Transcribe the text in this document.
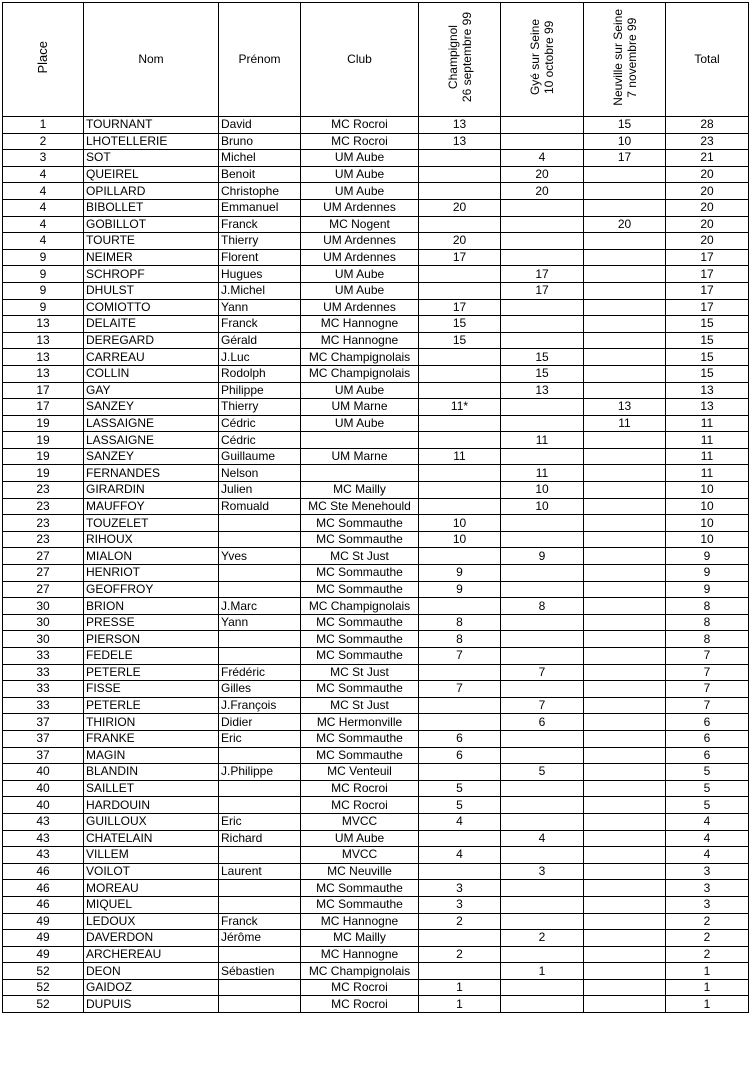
Place	Nom	Prénom	Club	Champignol 26 septembre 99	Gyé sur Seine 10 octobre 99	Neuville sur Seine 7 novembre 99	Total
1	TOURNANT	David	MC Rocroi	13		15	28
2	LHOTELLERIE	Bruno	MC Rocroi	13		10	23
3	SOT	Michel	UM Aube		4	17	21
4	QUEIREL	Benoit	UM Aube		20		20
4	OPILLARD	Christophe	UM Aube		20		20
4	BIBOLLET	Emmanuel	UM Ardennes	20			20
4	GOBILLOT	Franck	MC Nogent			20	20
4	TOURTE	Thierry	UM Ardennes	20			20
9	NEIMER	Florent	UM Ardennes	17			17
9	SCHROPF	Hugues	UM Aube		17		17
9	DHULST	J.Michel	UM Aube		17		17
9	COMIOTTO	Yann	UM Ardennes	17			17
13	DELAITE	Franck	MC Hannogne	15			15
13	DEREGARD	Gérald	MC Hannogne	15			15
13	CARREAU	J.Luc	MC Champignolais		15		15
13	COLLIN	Rodolph	MC Champignolais		15		15
17	GAY	Philippe	UM Aube		13		13
17	SANZEY	Thierry	UM Marne	11*		13	13
19	LASSAIGNE	Cédric	UM Aube			11	11
19	LASSAIGNE	Cédric			11		11
19	SANZEY	Guillaume	UM Marne	11			11
19	FERNANDES	Nelson			11		11
23	GIRARDIN	Julien	MC Mailly		10		10
23	MAUFFOY	Romuald	MC Ste Menehould		10		10
23	TOUZELET		MC Sommauthe	10			10
23	RIHOUX		MC Sommauthe	10			10
27	MIALON	Yves	MC St Just		9		9
27	HENRIOT		MC Sommauthe	9			9
27	GEOFFROY		MC Sommauthe	9			9
30	BRION	J.Marc	MC Champignolais		8		8
30	PRESSE	Yann	MC Sommauthe	8			8
30	PIERSON		MC Sommauthe	8			8
33	FEDELE		MC Sommauthe	7			7
33	PETERLE	Frédéric	MC St Just		7		7
33	FISSE	Gilles	MC Sommauthe	7			7
33	PETERLE	J.François	MC St Just		7		7
37	THIRION	Didier	MC Hermonville		6		6
37	FRANKE	Eric	MC Sommauthe	6			6
37	MAGIN		MC Sommauthe	6			6
40	BLANDIN	J.Philippe	MC Venteuil		5		5
40	SAILLET		MC Rocroi	5			5
40	HARDOUIN		MC Rocroi	5			5
43	GUILLOUX	Eric	MVCC	4			4
43	CHATELAIN	Richard	UM Aube		4		4
43	VILLEM		MVCC	4			4
46	VOILOT	Laurent	MC Neuville		3		3
46	MOREAU		MC Sommauthe	3			3
46	MIQUEL		MC Sommauthe	3			3
49	LEDOUX	Franck	MC Hannogne	2			2
49	DAVERDON	Jérôme	MC Mailly		2		2
49	ARCHEREAU		MC Hannogne	2			2
52	DEON	Sébastien	MC Champignolais		1		1
52	GAIDOZ		MC Rocroi	1			1
52	DUPUIS		MC Rocroi	1			1
